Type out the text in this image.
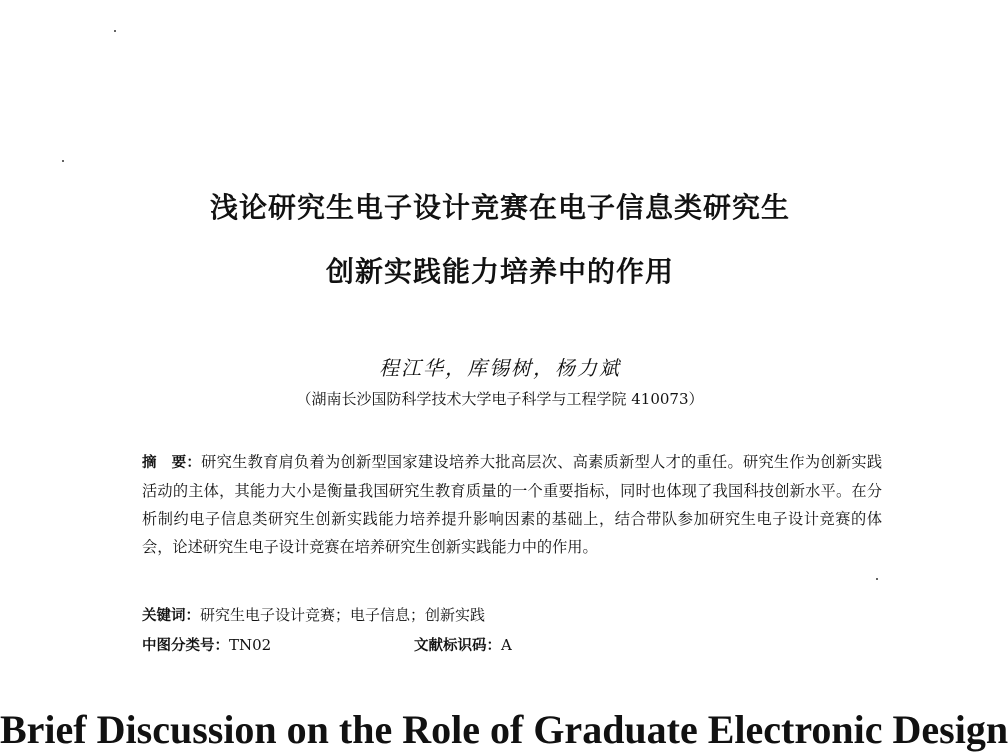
浅论研究生电子设计竞赛在电子信息类研究生
创新实践能力培养中的作用
程江华，库锡树，杨力斌
（湖南长沙国防科学技术大学电子科学与工程学院 410073）
摘　要：研究生教育肩负着为创新型国家建设培养大批高层次、高素质新型人才的重任。研究生作为创新实践活动的主体，其能力大小是衡量我国研究生教育质量的一个重要指标，同时也体现了我国科技创新水平。在分析制约电子信息类研究生创新实践能力培养提升影响因素的基础上，结合带队参加研究生电子设计竞赛的体会，论述研究生电子设计竞赛在培养研究生创新实践能力中的作用。
关键词：研究生电子设计竞赛；电子信息；创新实践
中图分类号：TN02	文献标识码：A
Brief Discussion on the Role of Graduate Electronic Design
